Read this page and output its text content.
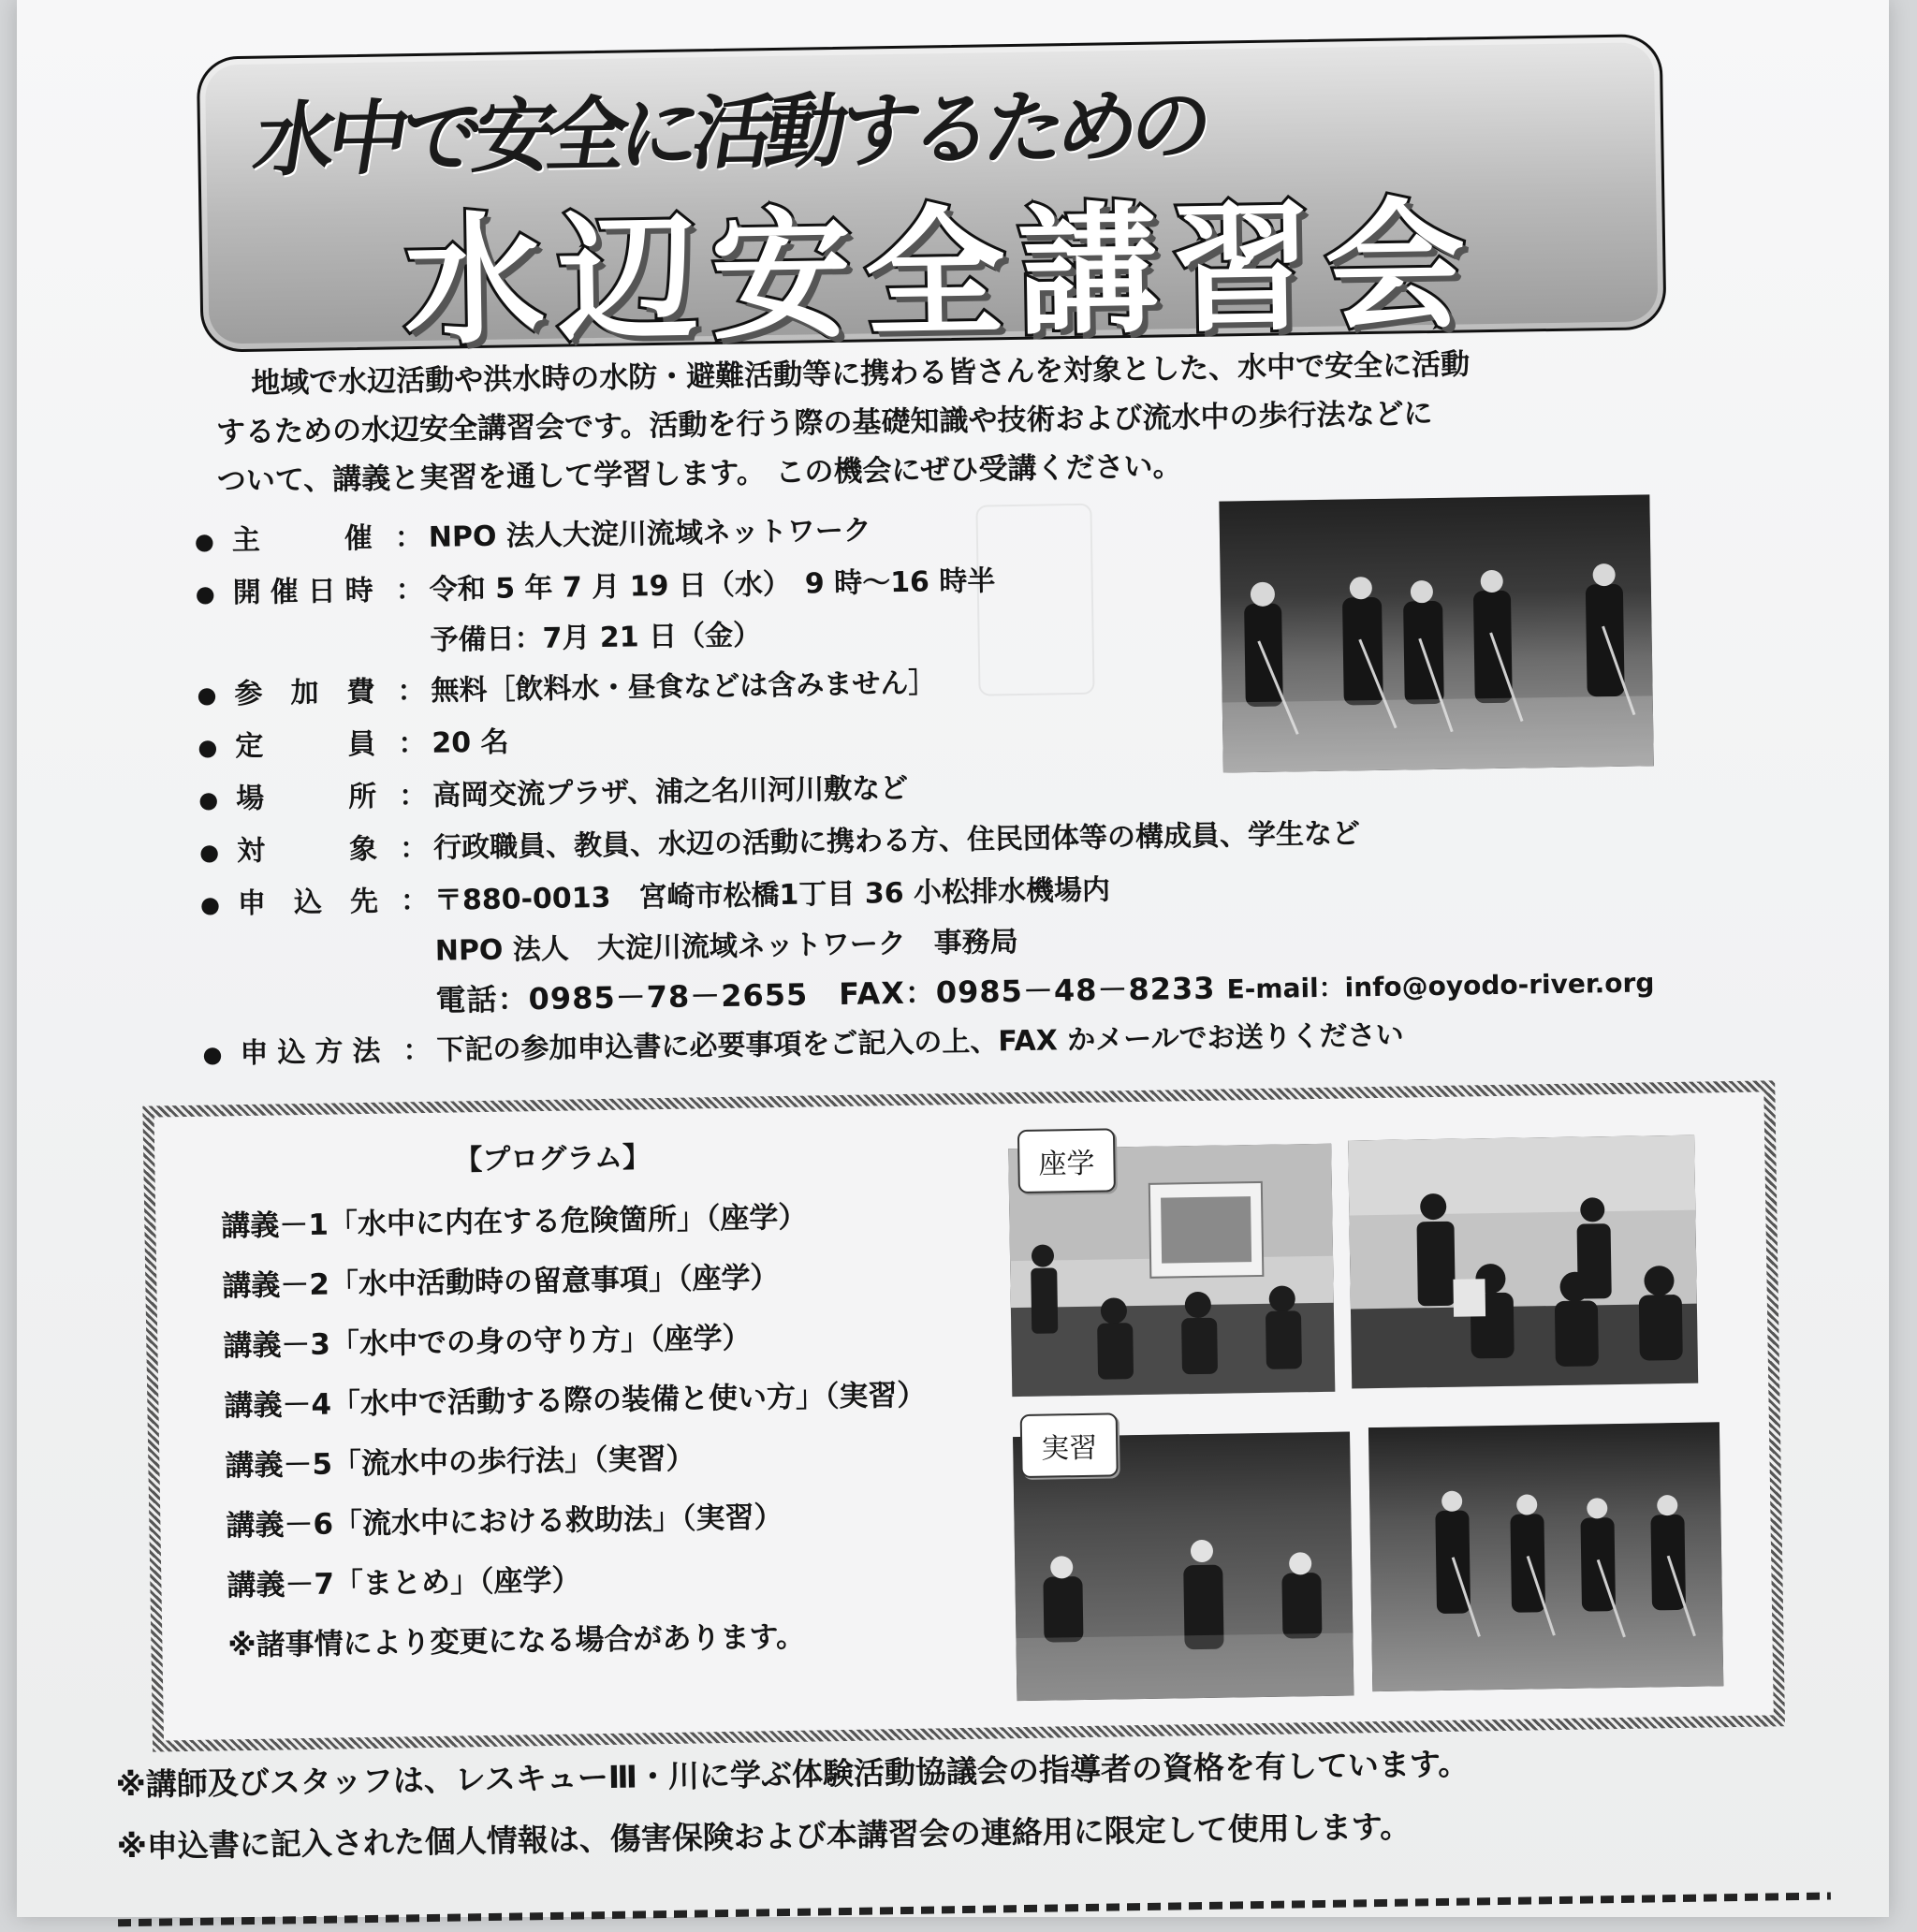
水中で安全に活動するための
水辺安全講習会
地域で水辺活動や洪水時の水防・避難活動等に携わる皆さんを対象とした、水中で安全に活動
するための水辺安全講習会です。活動を行う際の基礎知識や技術および流水中の歩行法などに
ついて、講義と実習を通して学習します。 この機会にぜひ受講ください。
● 主催 ： NPO 法人大淀川流域ネットワーク
● 開催日時 ： 令和 5 年 7 月 19 日（水）　9 時～16 時半
予備日：7月 21 日（金）
● 参加費 ： 無料［飲料水・昼食などは含みません］
● 定員 ： 20 名
● 場所 ： 高岡交流プラザ、浦之名川河川敷など
● 対象 ： 行政職員、教員、水辺の活動に携わる方、住民団体等の構成員、学生など
● 申込先 ： 〒880-0013　宮崎市松橋1丁目 36 小松排水機場内
NPO 法人　大淀川流域ネットワーク　事務局
電話：0985－78－2655　FAX：0985－48－8233 E-mail：info@oyodo-river.org
● 申込方法 ： 下記の参加申込書に必要事項をご記入の上、FAX かメールでお送りください
【プログラム】
講義－1「水中に内在する危険箇所」（座学）
講義－2「水中活動時の留意事項」（座学）
講義－3「水中での身の守り方」（座学）
講義－4「水中で活動する際の装備と使い方」（実習）
講義－5「流水中の歩行法」（実習）
講義－6「流水中における救助法」（実習）
講義－7「まとめ」（座学）
※諸事情により変更になる場合があります。
座学
実習
※講師及びスタッフは、レスキューⅢ・川に学ぶ体験活動協議会の指導者の資格を有しています。
※申込書に記入された個人情報は、傷害保険および本講習会の連絡用に限定して使用します。
